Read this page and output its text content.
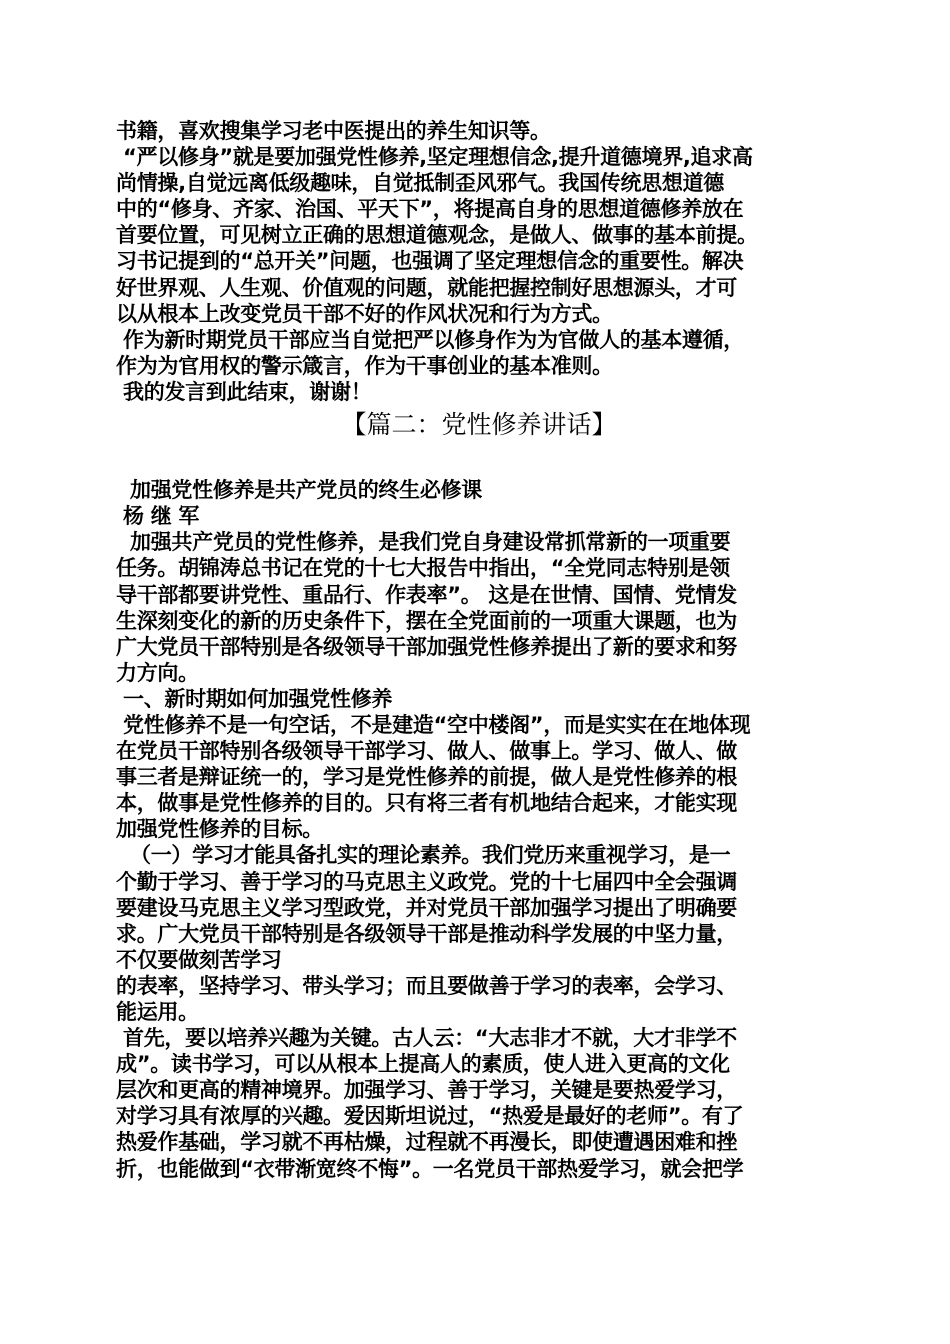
书籍，喜欢搜集学习老中医提出的养生知识等。
“严以修身”就是要加强党性修养,坚定理想信念,提升道德境界,追求高
尚情操,自觉远离低级趣味，自觉抵制歪风邪气。我国传统思想道德
中的“修身、齐家、治国、平天下”，将提高自身的思想道德修养放在
首要位置，可见树立正确的思想道德观念，是做人、做事的基本前提。
习书记提到的“总开关”问题，也强调了坚定理想信念的重要性。解决
好世界观、人生观、价值观的问题，就能把握控制好思想源头，才可
以从根本上改变党员干部不好的作风状况和行为方式。
作为新时期党员干部应当自觉把严以修身作为为官做人的基本遵循，
作为为官用权的警示箴言，作为干事创业的基本准则。
我的发言到此结束，谢谢！
【篇二：党性修养讲话】
加强党性修养是共产党员的终生必修课
杨 继 军
加强共产党员的党性修养，是我们党自身建设常抓常新的一项重要
任务。胡锦涛总书记在党的十七大报告中指出，“全党同志特别是领
导干部都要讲党性、重品行、作表率”。 这是在世情、国情、党情发
生深刻变化的新的历史条件下，摆在全党面前的一项重大课题，也为
广大党员干部特别是各级领导干部加强党性修养提出了新的要求和努
力方向。
一、新时期如何加强党性修养
党性修养不是一句空话，不是建造“空中楼阁”，而是实实在在地体现
在党员干部特别各级领导干部学习、做人、做事上。学习、做人、做
事三者是辩证统一的，学习是党性修养的前提，做人是党性修养的根
本，做事是党性修养的目的。只有将三者有机地结合起来，才能实现
加强党性修养的目标。
（一）学习才能具备扎实的理论素养。我们党历来重视学习，是一
个勤于学习、善于学习的马克思主义政党。党的十七届四中全会强调
要建设马克思主义学习型政党，并对党员干部加强学习提出了明确要
求。广大党员干部特别是各级领导干部是推动科学发展的中坚力量，
不仅要做刻苦学习
的表率，坚持学习、带头学习；而且要做善于学习的表率，会学习、
能运用。
首先，要以培养兴趣为关键。古人云：“大志非才不就，大才非学不
成”。读书学习，可以从根本上提高人的素质，使人进入更高的文化
层次和更高的精神境界。加强学习、善于学习，关键是要热爱学习，
对学习具有浓厚的兴趣。爱因斯坦说过，“热爱是最好的老师”。有了
热爱作基础，学习就不再枯燥，过程就不再漫长，即使遭遇困难和挫
折，也能做到“衣带渐宽终不悔”。一名党员干部热爱学习，就会把学
